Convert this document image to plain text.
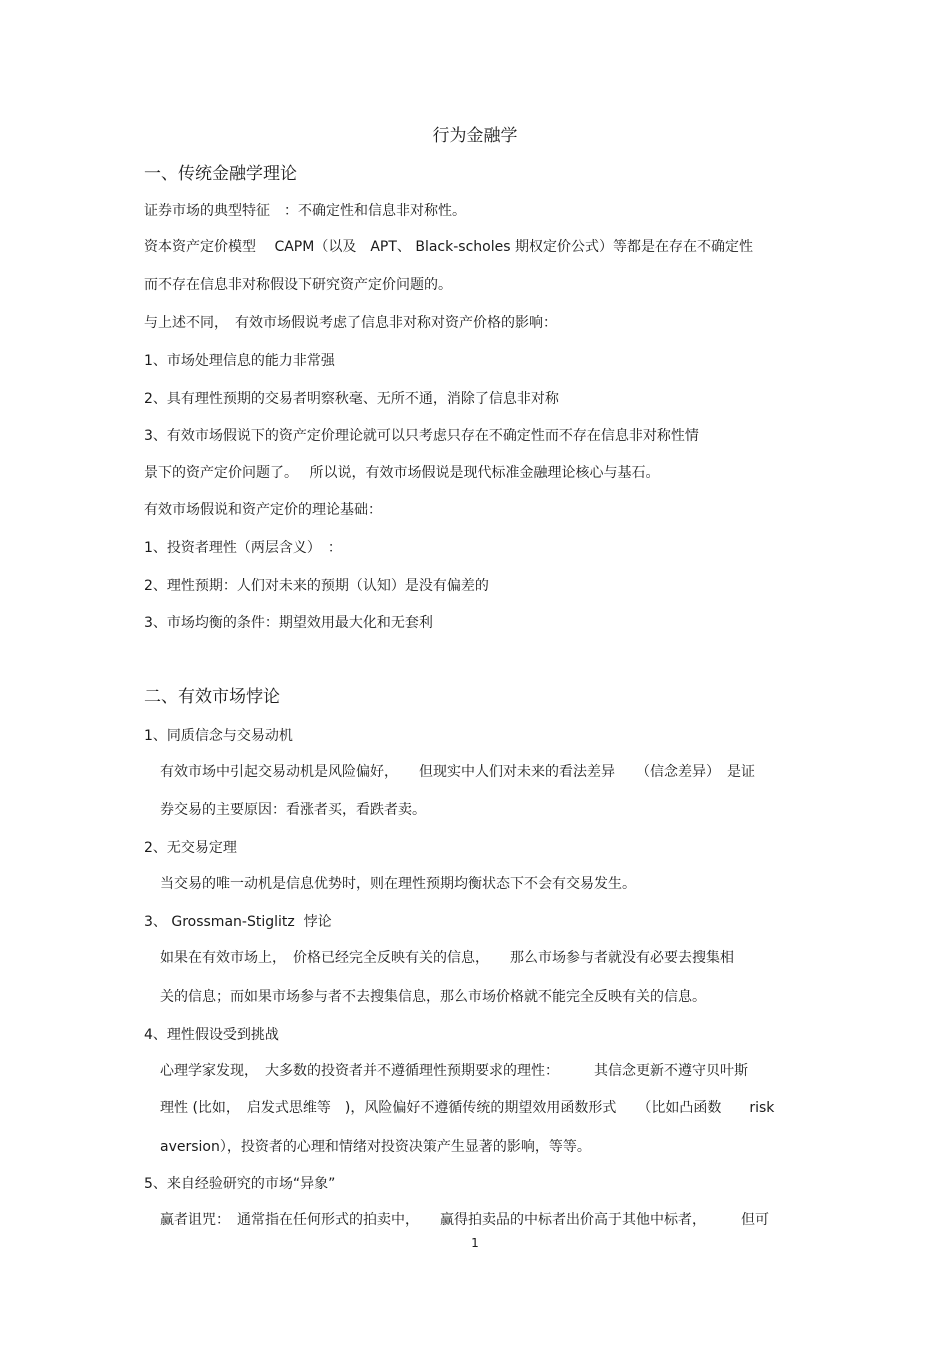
行为金融学
一、传统金融学理论
证券市场的典型特征　：不确定性和信息非对称性。
资本资产定价模型　 CAPM（以及　APT、 Black-scholes 期权定价公式）等都是在存在不确定性
而不存在信息非对称假设下研究资产定价问题的。
与上述不同，　有效市场假说考虑了信息非对称对资产价格的影响：
1、市场处理信息的能力非常强
2、具有理性预期的交易者明察秋毫、无所不通，消除了信息非对称
3、有效市场假说下的资产定价理论就可以只考虑只存在不确定性而不存在信息非对称性情
景下的资产定价问题了。　 所以说，有效市场假说是现代标准金融理论核心与基石。
有效市场假说和资产定价的理论基础：
1、投资者理性（两层含义）　：
2、理性预期：人们对未来的预期（认知）是没有偏差的
3、市场均衡的条件：期望效用最大化和无套利
二、有效市场悖论
1、同质信念与交易动机
有效市场中引起交易动机是风险偏好，　　但现实中人们对未来的看法差异　　（信念差异）　是证
券交易的主要原因：看涨者买，看跌者卖。
2、无交易定理
当交易的唯一动机是信息优势时，则在理性预期均衡状态下不会有交易发生。
3、 Grossman-Stiglitz  悖论
如果在有效市场上，　价格已经完全反映有关的信息，　　那么市场参与者就没有必要去搜集相
关的信息；而如果市场参与者不去搜集信息，那么市场价格就不能完全反映有关的信息。
4、理性假设受到挑战
心理学家发现，　大多数的投资者并不遵循理性预期要求的理性：　　　其信念更新不遵守贝叶斯
理性 (比如，　启发式思维等　)，风险偏好不遵循传统的期望效用函数形式　　（比如凸函数　　risk
aversion），投资者的心理和情绪对投资决策产生显著的影响，等等。
5、来自经验研究的市场“异象”
赢者诅咒：　通常指在任何形式的拍卖中，　　赢得拍卖品的中标者出价高于其他中标者，　　　但可
1
